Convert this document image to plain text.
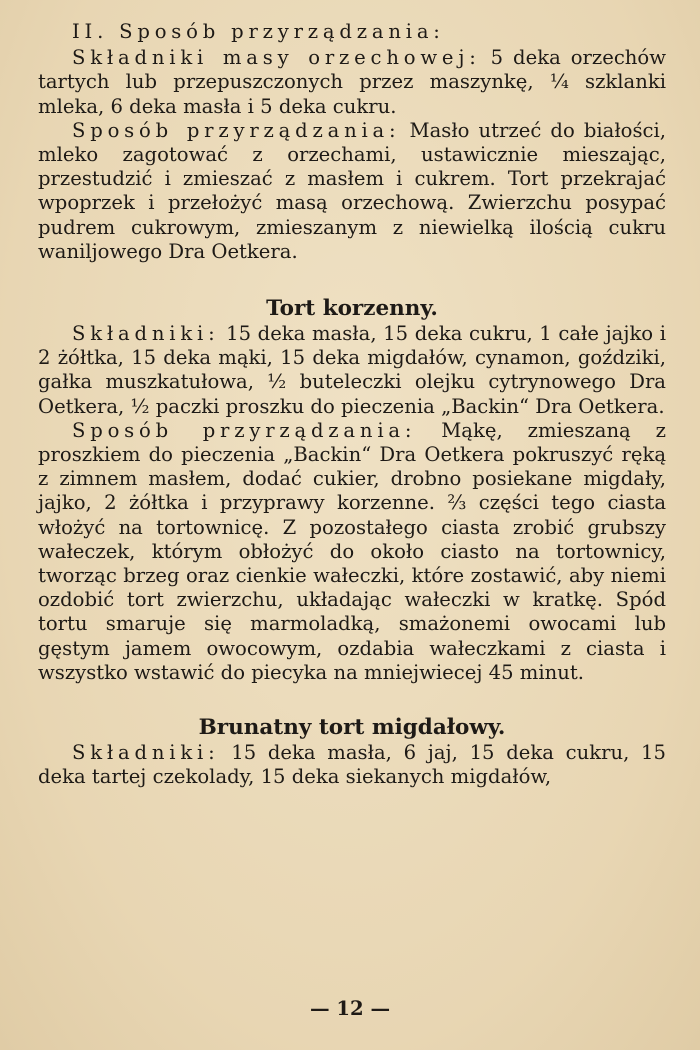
II. Sposób przyrządzania:

Składniki masy orzechowej: 5 deka orzechów tartych lub przepuszczonych przez maszynkę, ¼ szklanki mleka, 6 deka masła i 5 deka cukru.

Sposób przyrządzania: Masło utrzeć do białości, mleko zagotować z orzechami, ustawicznie mieszając, przestudzić i zmieszać z masłem i cukrem. Tort przekrajać wpoprzek i przełożyć masą orzechową. Zwierzchu posypać pudrem cukrowym, zmieszanym z niewielką ilością cukru waniljowego Dra Oetkera.

Tort korzenny.

Składniki: 15 deka masła, 15 deka cukru, 1 całe jajko i 2 żółtka, 15 deka mąki, 15 deka migdałów, cynamon, goździki, gałka muszkatułowa, ½ buteleczki olejku cytrynowego Dra Oetkera, ½ paczki proszku do pieczenia „Backin“ Dra Oetkera.

Sposób przyrządzania: Mąkę, zmieszaną z proszkiem do pieczenia „Backin“ Dra Oetkera pokruszyć ręką z zimnem masłem, dodać cukier, drobno posiekane migdały, jajko, 2 żółtka i przyprawy korzenne. ⅔ części tego ciasta włożyć na tortownicę. Z pozostałego ciasta zrobić grubszy wałeczek, którym obłożyć do około ciasto na tortownicy, tworząc brzeg oraz cienkie wałeczki, które zostawić, aby niemi ozdobić tort zwierzchu, układając wałeczki w kratkę. Spód tortu smaruje się marmoladką, smażonemi owocami lub gęstym jamem owocowym, ozdabia wałeczkami z ciasta i wszystko wstawić do piecyka na mniejwiecej 45 minut.

Brunatny tort migdałowy.

Składniki: 15 deka masła, 6 jaj, 15 deka cukru, 15 deka tartej czekolady, 15 deka siekanych migdałów,

— 12 —
